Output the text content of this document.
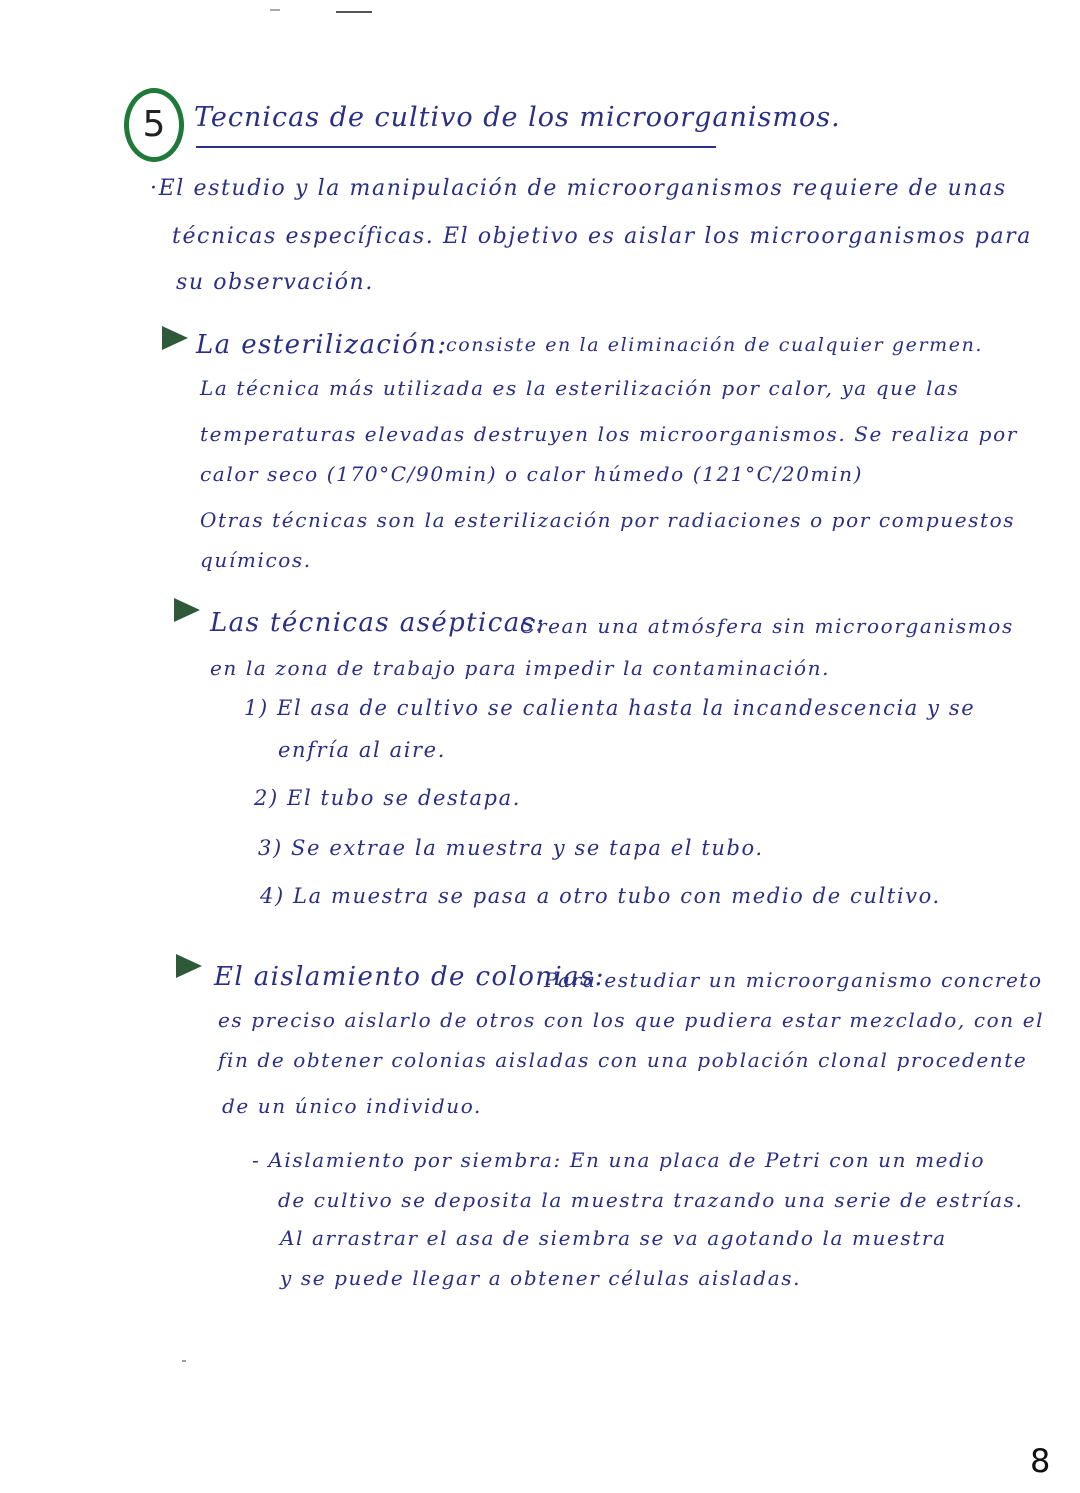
5	Tecnicas de cultivo de los microorganismos.
·El estudio y la manipulación de microorganismos requiere de unas
técnicas específicas. El objetivo es aislar los microorganismos para
su observación.
La esterilización:
consiste en la eliminación de cualquier germen.
La técnica más utilizada es la esterilización por calor, ya que las
temperaturas elevadas destruyen los microorganismos. Se realiza por
calor seco (170°C/90min) o calor húmedo (121°C/20min)
Otras técnicas son la esterilización por radiaciones o por compuestos
químicos.
Las técnicas asépticas:
Crean una atmósfera sin microorganismos
en la zona de trabajo para impedir la contaminación.
1) El asa de cultivo se calienta hasta la incandescencia y se
enfría al aire.
2) El tubo se destapa.
3) Se extrae la muestra y se tapa el tubo.
4) La muestra se pasa a otro tubo con medio de cultivo.
El aislamiento de colonias:
Para estudiar un microorganismo concreto
es preciso aislarlo de otros con los que pudiera estar mezclado, con el
fin de obtener colonias aisladas con una población clonal procedente
de un único individuo.
- Aislamiento por siembra: En una placa de Petri con un medio
de cultivo se deposita la muestra trazando una serie de estrías.
Al arrastrar el asa de siembra se va agotando la muestra
y se puede llegar a obtener células aisladas.
8
